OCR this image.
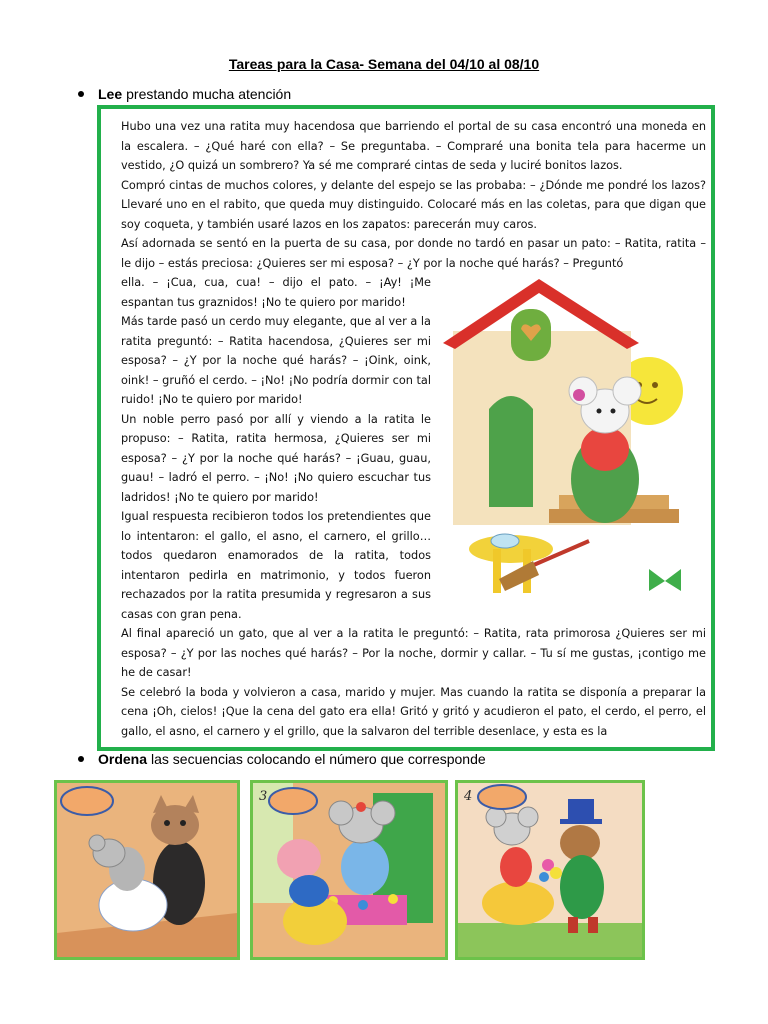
Tareas para la Casa- Semana del 04/10 al 08/10
Lee prestando mucha atención

Hubo una vez una ratita muy hacendosa que barriendo el portal de su casa encontró una moneda en la escalera. – ¿Qué haré con ella? – Se preguntaba. – Compraré una bonita tela para hacerme un vestido, ¿O quizá un sombrero? Ya sé me compraré cintas de seda y luciré bonitos lazos.

Compró cintas de muchos colores, y delante del espejo se las probaba: – ¿Dónde me pondré los lazos? Llevaré uno en el rabito, que queda muy distinguido. Colocaré más en las coletas, para que digan que soy coqueta, y también usaré lazos en los zapatos: parecerán muy caros.

Así adornada se sentó en la puerta de su casa, por donde no tardó en pasar un pato: – Ratita, ratita – le dijo – estás preciosa: ¿Quieres ser mi esposa? – ¿Y por la noche qué harás? – Preguntó

ella. – ¡Cua, cua, cua! – dijo el pato. – ¡Ay! ¡Me espantan tus graznidos! ¡No te quiero por marido!

Más tarde pasó un cerdo muy elegante, que al ver a la ratita preguntó: – Ratita hacendosa, ¿Quieres ser mi esposa? – ¿Y por la noche qué harás? – ¡Oink, oink, oink! – gruñó el cerdo. – ¡No! ¡No podría dormir con tal ruido! ¡No te quiero por marido!

Un noble perro pasó por allí y viendo a la ratita le propuso: – Ratita, ratita hermosa, ¿Quieres ser mi esposa? – ¿Y por la noche qué harás? – ¡Guau, guau, guau! – ladró el perro. – ¡No! ¡No quiero escuchar tus ladridos! ¡No te quiero por marido!

Igual respuesta recibieron todos los pretendientes que lo intentaron: el gallo, el asno, el carnero, el grillo… todos quedaron enamorados de la ratita, todos intentaron pedirla en matrimonio, y todos fueron rechazados por la ratita presumida y regresaron a sus casas con gran pena.

Al final apareció un gato, que al ver a la ratita le preguntó: – Ratita, rata primorosa ¿Quieres ser mi esposa? – ¿Y por las noches qué harás? – Por la noche, dormir y callar. – Tu sí me gustas, ¡contigo me he de casar!

Se celebró la boda y volvieron a casa, marido y mujer. Mas cuando la ratita se disponía a preparar la cena ¡Oh, cielos! ¡Que la cena del gato era ella! Gritó y gritó y acudieron el pato, el cerdo, el perro, el gallo, el asno, el carnero y el grillo, que la salvaron del terrible desenlace, y esta es la

Ordena las secuencias colocando el número que corresponde
3	4
